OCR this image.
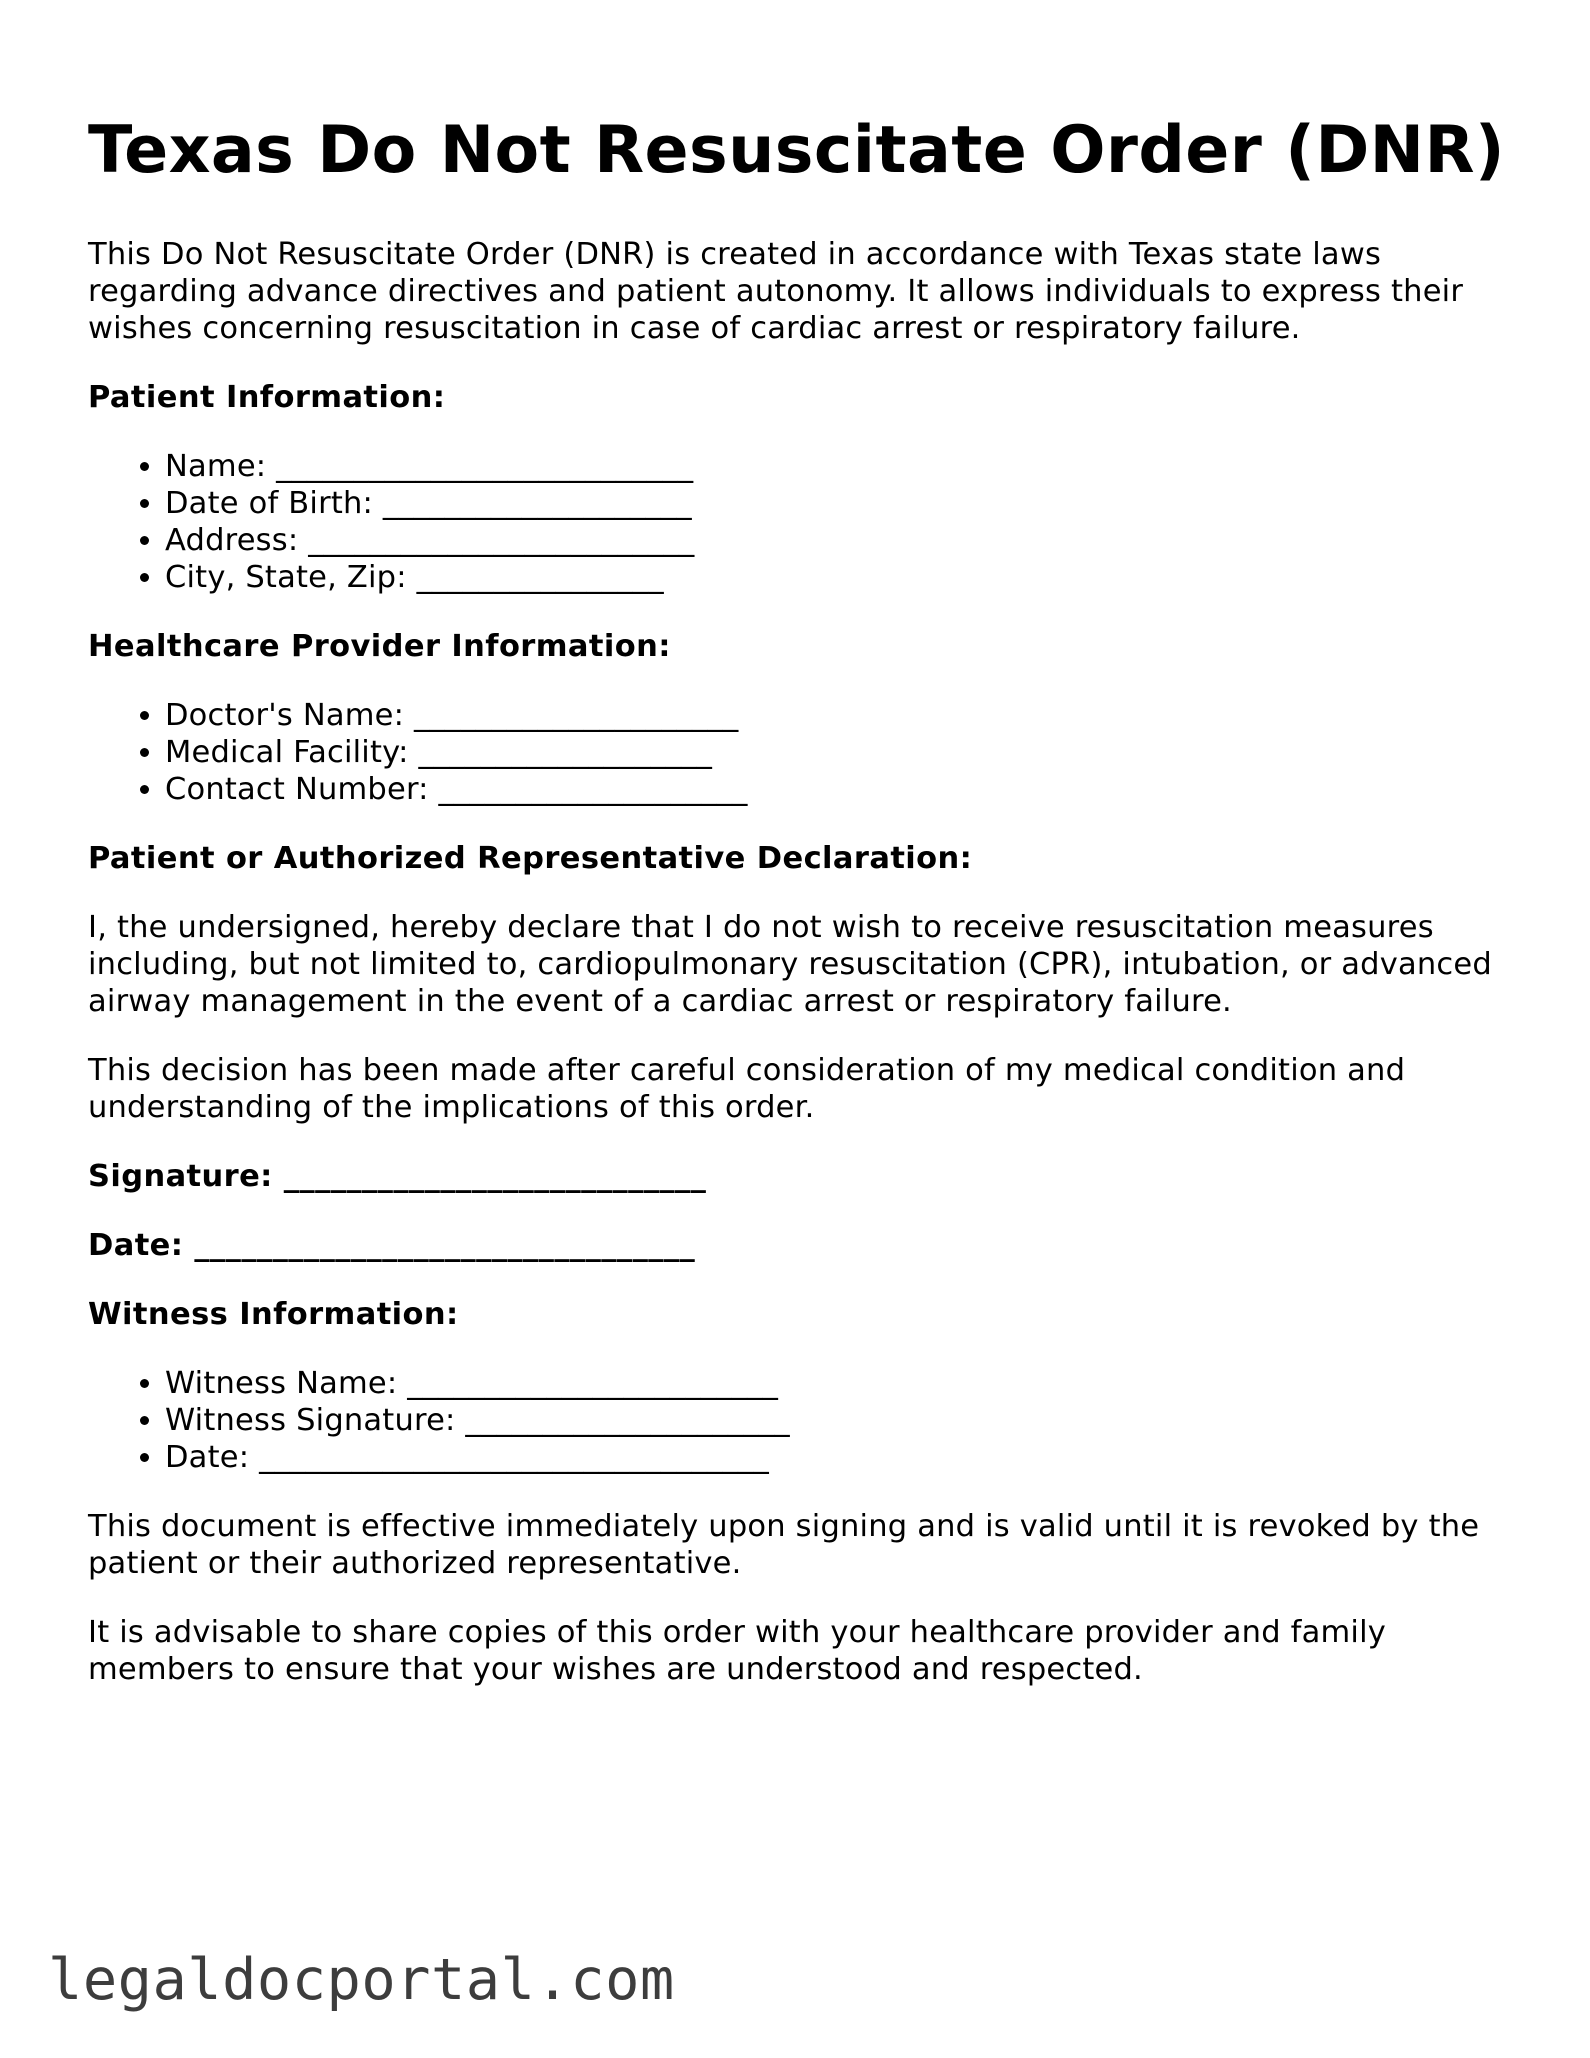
Texas Do Not Resuscitate Order (DNR)

This Do Not Resuscitate Order (DNR) is created in accordance with Texas state laws regarding advance directives and patient autonomy. It allows individuals to express their wishes concerning resuscitation in case of cardiac arrest or respiratory failure.

Patient Information:
• Name: ___________________________
• Date of Birth: ____________________
• Address: _________________________
• City, State, Zip: ________________
Healthcare Provider Information:
• Doctor's Name: _____________________
• Medical Facility: ___________________
• Contact Number: ____________________
Patient or Authorized Representative Declaration:

I, the undersigned, hereby declare that I do not wish to receive resuscitation measures including, but not limited to, cardiopulmonary resuscitation (CPR), intubation, or advanced airway management in the event of a cardiac arrest or respiratory failure.

This decision has been made after careful consideration of my medical condition and understanding of the implications of this order.

Signature: ___________________________
Date: ________________________________
Witness Information:
• Witness Name: ________________________
• Witness Signature: _____________________
• Date: _________________________________

This document is effective immediately upon signing and is valid until it is revoked by the patient or their authorized representative.

It is advisable to share copies of this order with your healthcare provider and family members to ensure that your wishes are understood and respected.

legaldocportal.com
